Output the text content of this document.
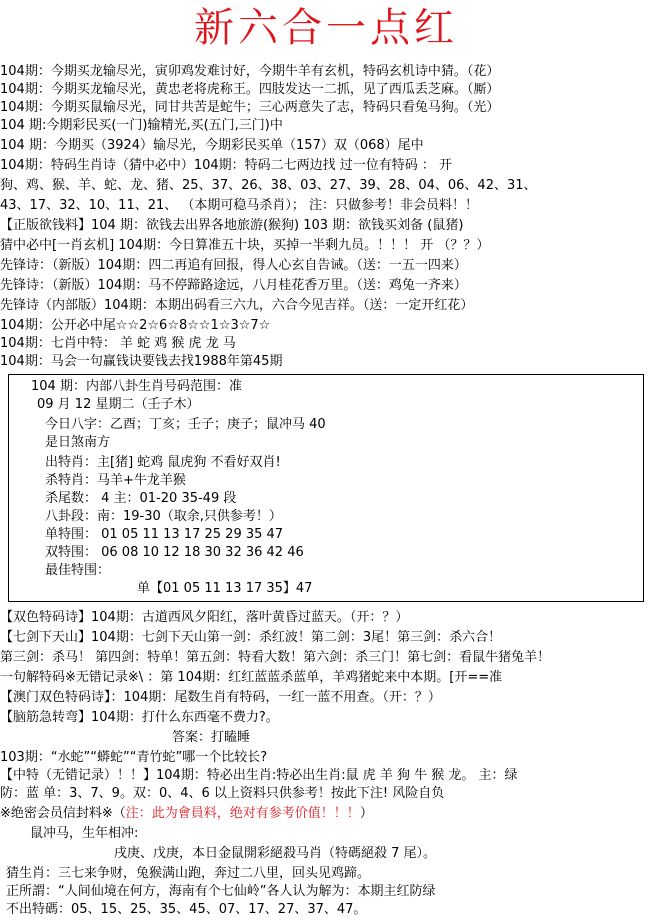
新六合一点红
104期：今期买龙输尽光，寅卯鸡发难讨好，今期牛羊有玄机，特码玄机诗中猜。（花）
104期：今期买龙输尽光，黄忠老将虎称王。四肢发达一二抓，见了西瓜丢芝麻。（厮）
104期：今期买鼠输尽光，同甘共苦是蛇牛；三心两意失了志，特码只看兔马狗。（光）
104 期:今期彩民买(一门)输精光,买(五门,三门)中
104 期：今期买（3924）输尽光，今期彩民买单（157）双（068）尾中
104期：特码生肖诗（猜中必中）104期：特码二七两边找 过一位有特码 ： 开
狗、鸡、猴、羊、蛇、龙、猪、25、37、26、38、03、27、39、28、04、06、42、31、
43、17、32、10、11、21、 （本期可稳马杀肖）； 注：只做参考！非会员料！！
【正版欲钱料】104 期：欲钱去出界各地旅游(猴狗) 103 期：欲钱买刘备 (鼠猪)
猜中必中[一肖玄机] 104期：今日算准五十块，买掉一半剩九员。！！！ 开 （？？）
先锋诗：（新版）104期：四二再追有回报，得人心玄自告诫。（送：一五一四来）
先锋诗：（新版）104期：马不停蹄路途远，八月桂花香万里。（送：鸡兔一齐来）
先锋诗（内部版）104期：本期出码看三六九，六合今见吉祥。（送：一定开红花）
104期：公开必中尾☆☆2☆6☆8☆☆1☆3☆7☆
104期：七肖中特： 羊 蛇 鸡 猴 虎 龙 马
104期：马会一句赢钱诀要钱去找1988年第45期
104 期：内部八卦生肖号码范围：准
09 月 12 星期二（壬子木）
今日八字：乙酉；丁亥；壬子；庚子；鼠冲马 40
是日煞南方
出特肖：主[猪] 蛇鸡 鼠虎狗 不看好双肖!
杀特肖：马羊+牛龙羊猴
杀尾数： 4 主：01-20 35-49 段
八卦段：南：19-30（取余,只供参考！）
单特围： 01 05 11 13 17 25 29 35 47
双特围： 06 08 10 12 18 30 32 36 42 46
最佳特围：
单【01 05 11 13 17 35】47
【双色特码诗】104期：古道西风夕阳红，落叶黄昏过蓝天。（开：？）
【七剑下天山】104期：七剑下天山第一剑：杀红波！第二剑：3尾！第三剑：杀六合！
第三剑：杀马！ 第四剑：特单！第五剑：特看大数！第六剑：杀三门！第七剑：看鼠牛猪兔羊！
一句解特码※无错记录※\ ：第 104期：红红蓝蓝杀蓝单，羊鸡猪蛇来中本期。[开==准
【澳门双色特码诗】：104期：尾数生肖有特码，一红一蓝不用查。（开：？）
【脑筋急转弯】104期：打什么东西毫不费力?。
答案：打瞌睡
103期：“水蛇”“蟒蛇”“青竹蛇”哪一个比较长?
【中特（无错记录）！！】104期：特必出生肖:特必出生肖:鼠 虎 羊 狗 牛 猴 龙。 主：绿
防：蓝 单：3、7、9。双：0、4、6 以上资料只供参考！按此下注! 风险自负
※绝密会员信封料※（注：此为會員料，绝对有参考价值！！！）
鼠冲马，生年相冲:
戌庚、戊庚，本日金鼠開彩絕殺马肖（特碼絕殺 7 尾）。
猜生肖：三七来争财，兔猴满山跑，奔过二八里，回头见鸡蹄。
正所謂：“人间仙境在何方，海南有个七仙岭”各人认为解为：本期主红防绿
不出特碼：05、15、25、35、45、07、17、27、37、47。
